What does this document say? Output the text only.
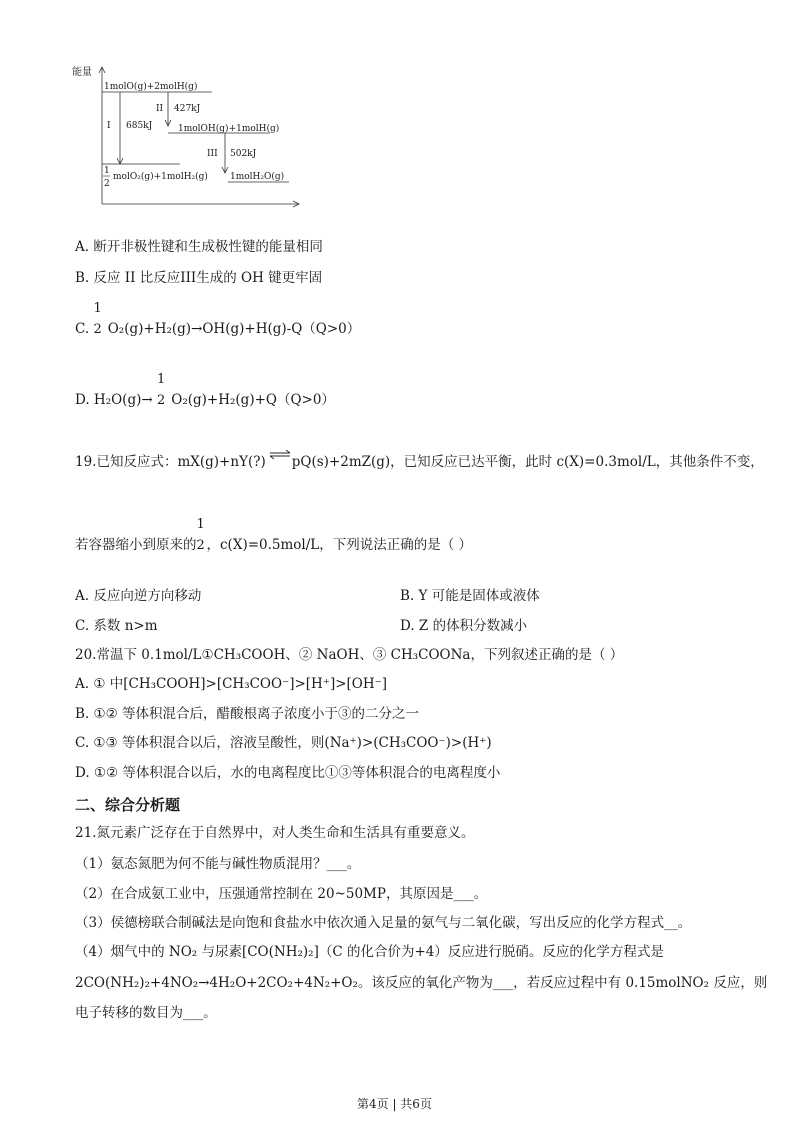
能量
1molO(g)+2molH(g)
I 685kJ
II 427kJ
1molOH(g)+1molH(g)
III 502kJ
1
2
molO₂(g)+1molH₂(g) 1molH₂O(g)
A. 断开非极性键和生成极性键的能量相同
B. 反应 II 比反应III生成的 OH 键更牢固
C.
1
2 O₂(g)+H₂(g)→OH(g)+H(g)-Q（Q>0）
D. H₂O(g)→
1
2 O₂(g)+H₂(g)+Q（Q>0）
19.已知反应式：mX(g)+nY(?)⇌pQ(s)+2mZ(g)，已知反应已达平衡，此时 c(X)=0.3mol/L，其他条件不变，
若容器缩小到原来的
1
2 ，c(X)=0.5mol/L，下列说法正确的是（ ）
A. 反应向逆方向移动	B. Y 可能是固体或液体
C. 系数 n>m	D. Z 的体积分数减小
20.常温下 0.1mol/L①CH₃COOH、② NaOH、③ CH₃COONa，下列叙述正确的是（ ）
A. ① 中[CH₃COOH]>[CH₃COO⁻]>[H⁺]>[OH⁻]
B. ①② 等体积混合后，醋酸根离子浓度小于③的二分之一
C. ①③ 等体积混合以后，溶液呈酸性，则(Na⁺)>(CH₃COO⁻)>(H⁺)
D. ①② 等体积混合以后，水的电离程度比①③等体积混合的电离程度小
二、综合分析题
21.氮元素广泛存在于自然界中，对人类生命和生活具有重要意义。
（1）氨态氮肥为何不能与碱性物质混用？___。
（2）在合成氨工业中，压强通常控制在 20~50MP，其原因是___。
（3）侯德榜联合制碱法是向饱和食盐水中依次通入足量的氨气与二氧化碳，写出反应的化学方程式__。
（4）烟气中的 NO₂ 与尿素[CO(NH₂)₂]（C 的化合价为+4）反应进行脱硝。反应的化学方程式是
2CO(NH₂)₂+4NO₂→4H₂O+2CO₂+4N₂+O₂。该反应的氧化产物为___，若反应过程中有 0.15molNO₂ 反应，则
电子转移的数目为___。
第4页 | 共6页
